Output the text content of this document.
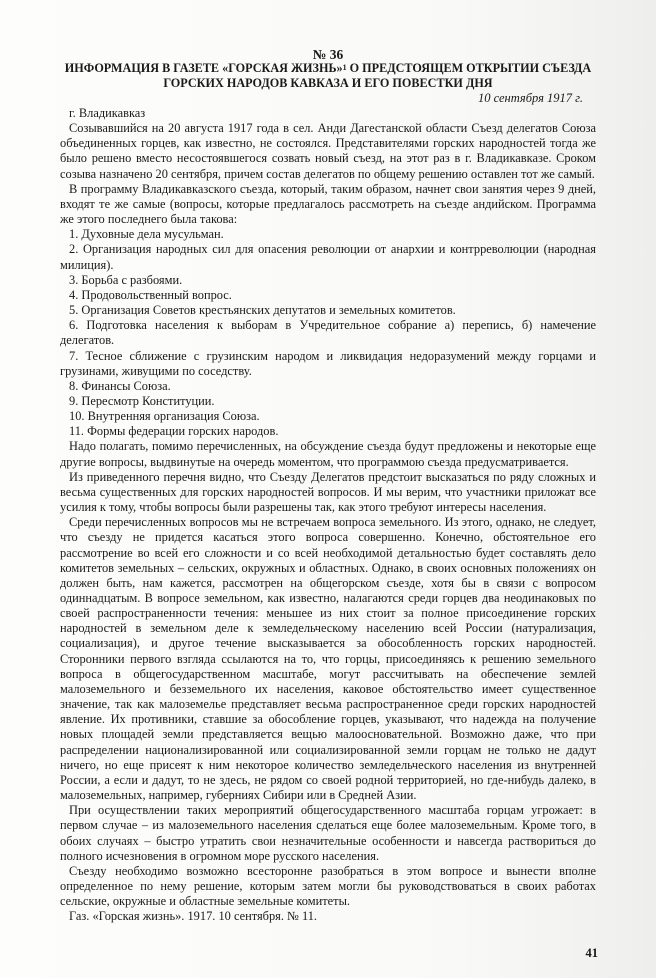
№ 36
ИНФОРМАЦИЯ В ГАЗЕТЕ «ГОРСКАЯ ЖИЗНЬ»$^1$ О ПРЕДСТОЯЩЕМ ОТКРЫТИИ СЪЕЗДА ГОРСКИХ НАРОДОВ КАВКАЗА И ЕГО ПОВЕСТКИ ДНЯ
10 сентября 1917 г.

г. Владикавказ

Созывавшийся на 20 августа 1917 года в сел. Анди Дагестанской области Съезд делегатов Союза объединенных горцев, как известно, не состоялся. Представителями горских народностей тогда же было решено вместо несостоявшегося созвать новый съезд, на этот раз в г. Владикавказе. Сроком созыва назначено 20 сентября, причем состав делегатов по общему решению оставлен тот же самый.

В программу Владикавказского съезда, который, таким образом, начнет свои занятия через 9 дней, входят те же самые (вопросы, которые предлагалось рассмотреть на съезде андийском. Программа же этого последнего была такова:

1. Духовные дела мусульман.

2. Организация народных сил для опасения революции от анархии и контрреволюции (народная милиция).

3. Борьба с разбоями.

4. Продовольственный вопрос.

5. Организация Советов крестьянских депутатов и земельных комитетов.

6. Подготовка населения к выборам в Учредительное собрание а) перепись, б) намечение делегатов.

7. Тесное сближение с грузинским народом и ликвидация недоразумений между горцами и грузинами, живущими по соседству.

8. Финансы Союза.

9. Пересмотр Конституции.

10. Внутренняя организация Союза.

11. Формы федерации горских народов.

Надо полагать, помимо перечисленных, на обсуждение съезда будут предложены и некоторые еще другие вопросы, выдвинутые на очередь моментом, что программою съезда предусматривается.

Из приведенного перечня видно, что Съезду Делегатов предстоит высказаться по ряду сложных и весьма существенных для горских народностей вопросов. И мы верим, что участники приложат все усилия к тому, чтобы вопросы были разрешены так, как этого требуют интересы населения.

Среди перечисленных вопросов мы не встречаем вопроса земельного. Из этого, однако, не следует, что съезду не придется касаться этого вопроса совершенно. Конечно, обстоятельное его рассмотрение во всей его сложности и со всей необходимой детальностью будет составлять дело комитетов земельных – сельских, окружных и областных. Однако, в своих основных положениях он должен быть, нам кажется, рассмотрен на общегорском съезде, хотя бы в связи с вопросом одиннадцатым. В вопросе земельном, как известно, налагаются среди горцев два неодинаковых по своей распространенности течения: меньшее из них стоит за полное присоединение горских народностей в земельном деле к земледельческому населению всей России (натурализация, социализация), и другое течение высказывается за обособленность горских народностей. Сторонники первого взгляда ссылаются на то, что горцы, присоединяясь к решению земельного вопроса в общегосударственном масштабе, могут рассчитывать на обеспечение землей малоземельного и безземельного их населения, каковое обстоятельство имеет существенное значение, так как малоземелье представляет весьма распространенное среди горских народностей явление. Их противники, ставшие за обособление горцев, указывают, что надежда на получение новых площадей земли представляется вещью малоосновательной. Возможно даже, что при распределении национализированной или социализированной земли горцам не только не дадут ничего, но еще присеят к ним некоторое количество земледельческого населения из внутренней России, а если и дадут, то не здесь, не рядом со своей родной территорией, но где-нибудь далеко, в малоземельных, например, губерниях Сибири или в Средней Азии.

При осуществлении таких мероприятий общегосударственного масштаба горцам угрожает: в первом случае – из малоземельного населения сделаться еще более малоземельным. Кроме того, в обоих случаях – быстро утратить свои незначительные особенности и навсегда раствориться до полного исчезновения в огромном море русского населения.

Съезду необходимо возможно всесторонне разобраться в этом вопросе и вынести вполне определенное по нему решение, которым затем могли бы руководствоваться в своих работах сельские, окружные и областные земельные комитеты.

Газ. «Горская жизнь». 1917. 10 сентября. № 11.

41
